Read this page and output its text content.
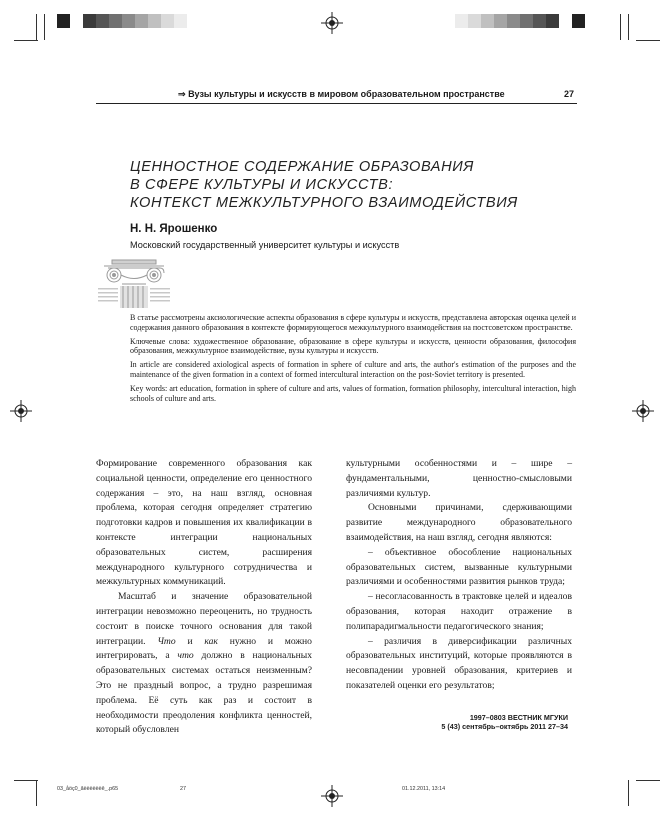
⇒ Вузы культуры и искусств в мировом образовательном пространстве	27
ЦЕННОСТНОЕ СОДЕРЖАНИЕ ОБРАЗОВАНИЯ
В СФЕРЕ КУЛЬТУРЫ И ИСКУССТВ:
КОНТЕКСТ МЕЖКУЛЬТУРНОГО ВЗАИМОДЕЙСТВИЯ
Н. Н. Ярошенко
Московский государственный университет культуры и искусств

В статье рассмотрены аксиологические аспекты образования в сфере культуры и искусств, представлена авторская оценка целей и содержания данного образования в контексте формирующегося межкультурного взаимодействия на постсоветском пространстве.

Ключевые слова: художественное образование, образование в сфере культуры и искусств, ценности образования, философия образования, межкультурное взаимодействие, вузы культуры и искусств.

In article are considered axiological aspects of formation in sphere of culture and arts, the author's estimation of the purposes and the maintenance of the given formation in a context of formed intercultural interaction on the post-Soviet territory is presented.

Key words: art education, formation in sphere of culture and arts, values of formation, formation philosophy, intercultural interaction, high schools of culture and arts.

Формирование современного образования как социальной ценности, определение его ценностного содержания – это, на наш взгляд, основная проблема, которая сегодня определяет стратегию подготовки кадров и повышения их квалификации в контексте интеграции национальных образовательных систем, расширения международного культурного сотрудничества и межкультурных коммуникаций.

Масштаб и значение образовательной интеграции невозможно переоценить, но трудность состоит в поиске точного основания для такой интеграции. Что и как нужно и можно интегрировать, а что должно в национальных образовательных системах остаться неизменным? Это не праздный вопрос, а трудно разрешимая проблема. Её суть как раз и состоит в необходимости преодоления конфликта ценностей, который обусловлен

культурными особенностями и – шире – фундаментальными, ценностно-смысловыми различиями культур.

Основными причинами, сдерживающими развитие международного образовательного взаимодействия, на наш взгляд, сегодня являются:

– объективное обособление национальных образовательных систем, вызванные культурными различиями и особенностями развития рынков труда;

– несогласованность в трактовке целей и идеалов образования, которая находит отражение в полипарадигмальности педагогического знания;

– различия в диверсификации различных образовательных институций, которые проявляются в несовпадении уровней образования, критериев и показателей оценки его результатов;

1997–0803 ВЕСТНИК МГУКИ
5 (43) сентябрь–октябрь 2011 27–34
03_åöç0_ãëëëëëëê_.p65	27	01.12.2011, 13:14
